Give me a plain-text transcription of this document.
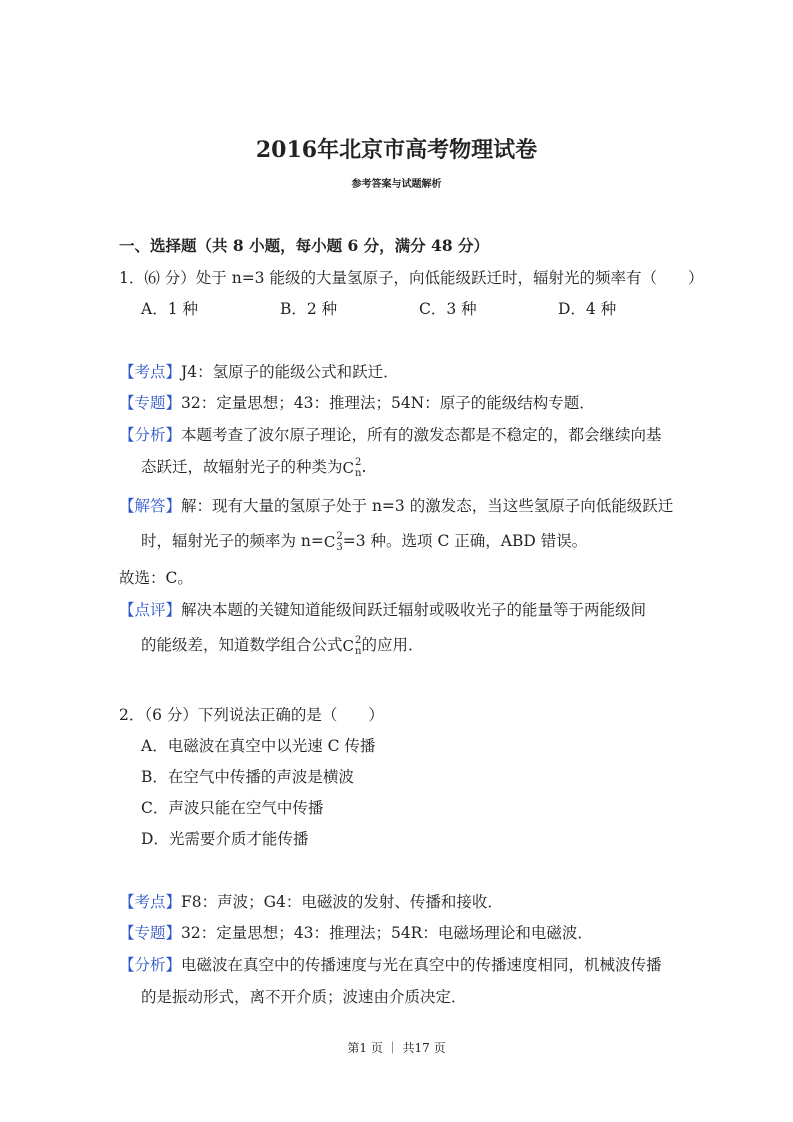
2016年北京市高考物理试卷
参考答案与试题解析
一、选择题（共 8 小题，每小题 6 分，满分 48 分）
1．⑹ 分）处于 n=3 能级的大量氢原子，向低能级跃迁时，辐射光的频率有（　　）
A．1 种	B．2 种	C．3 种	D．4 种
【考点】J4：氢原子的能级公式和跃迁．
【专题】32：定量思想；43：推理法；54N：原子的能级结构专题．
【分析】本题考查了波尔原子理论，所有的激发态都是不稳定的，都会继续向基
态跃迁，故辐射光子的种类为 C 2
n .
【解答】解：现有大量的氢原子处于 n=3 的激发态，当这些氢原子向低能级跃迁
时，辐射光子的频率为 n= C 2
3 =3 种。选项 C 正确，ABD 错误。
故选：C。
【点评】解决本题的关键知道能级间跃迁辐射或吸收光子的能量等于两能级间
的能级差，知道数学组合公式 C 2
n 的应用．
2．（6 分）下列说法正确的是（　　）
A．电磁波在真空中以光速 C 传播
B．在空气中传播的声波是横波
C．声波只能在空气中传播
D．光需要介质才能传播
【考点】F8：声波；G4：电磁波的发射、传播和接收．
【专题】32：定量思想；43：推理法；54R：电磁场理论和电磁波．
【分析】电磁波在真空中的传播速度与光在真空中的传播速度相同，机械波传播
的是振动形式，离不开介质；波速由介质决定．
第1 页 ｜ 共17 页
